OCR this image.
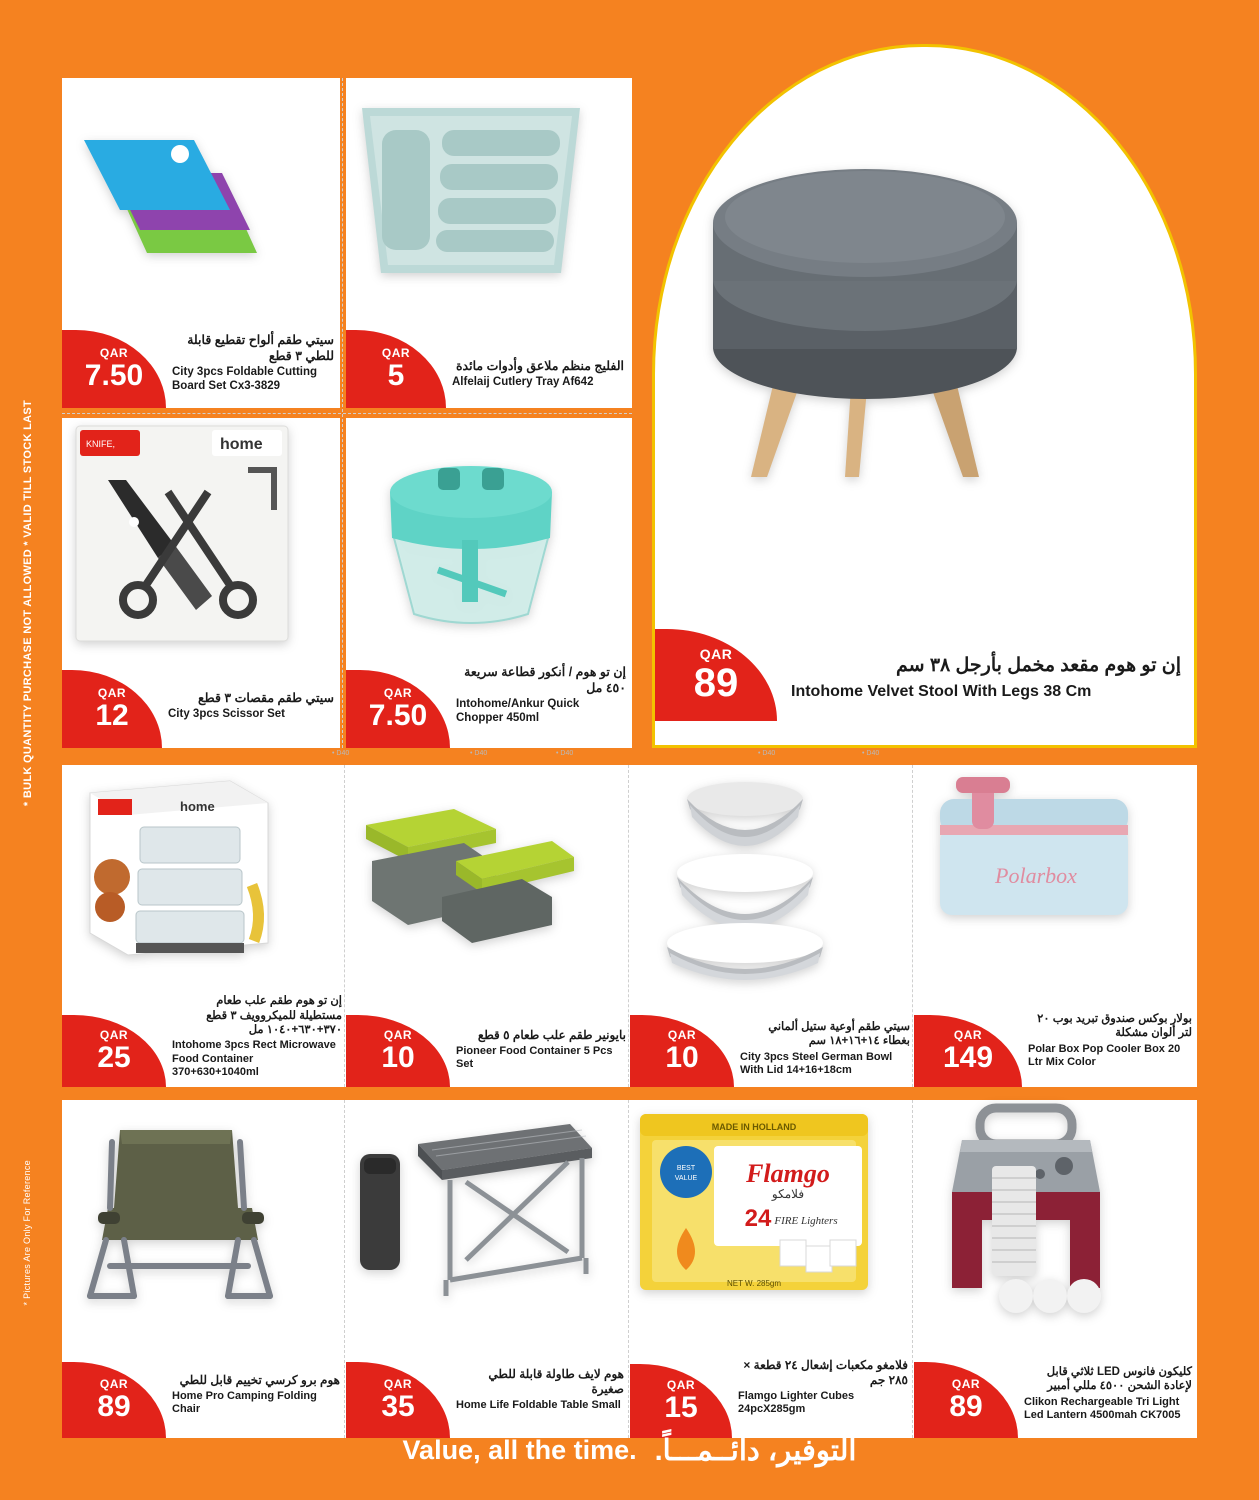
* BULK QUANTITY PURCHASE NOT ALLOWED * VALID TILL STOCK LAST
* Pictures Are Only For Reference
QAR
7.50
سيتي طقم ألواح تقطيع قابلة للطي ٣ قطع
City 3pcs Foldable Cutting Board Set Cx3-3829
QAR
5	الفليج منظم ملاعق وأدوات مائدة
Alfelaij Cutlery Tray Af642
KNIFE,	home
QAR
12
سيتي طقم مقصات ٣ قطع
City 3pcs Scissor Set
QAR
7.50
إن تو هوم / أنكور قطاعة سريعة ٤٥٠ مل
Intohome/Ankur Quick Chopper 450ml
QAR
89	إن تو هوم مقعد مخمل بأرجل ٣٨ سم
Intohome Velvet Stool With Legs 38 Cm
• D40	• D40	• D40	• D40	• D40
home
QAR
25
إن تو هوم طقم علب طعام مستطيلة للميكروويف ٣ قطع ٣٧٠+٦٣٠+١٠٤٠ مل
Intohome 3pcs Rect Microwave Food Container 370+630+1040ml
QAR
10
بايونير طقم علب طعام ٥ قطع
Pioneer Food Container 5 Pcs Set
QAR
10
سيتي طقم أوعية ستيل ألماني بغطاء ١٤+١٦+١٨ سم
City 3pcs Steel German Bowl With Lid 14+16+18cm
Polarbox
QAR
149
بولار بوكس صندوق تبريد بوب ٢٠ لتر ألوان مشكلة
Polar Box Pop Cooler Box 20 Ltr Mix Color
QAR
89
هوم برو كرسي تخييم قابل للطي
Home Pro Camping Folding Chair
QAR
35
هوم لايف طاولة قابلة للطي صغيرة
Home Life Foldable Table Small
MADE IN HOLLAND
Flamgo
فلامكو
24 FIRE Lighters
BEST
VALUE
NET W. 285gm
QAR
15
فلامغو مكعبات إشعال ٢٤ قطعة × ٢٨٥ جم
Flamgo Lighter Cubes 24pcX285gm
QAR
89
كليكون فانوس LED ثلاثي قابل لإعادة الشحن ٤٥٠٠ مللي أمبير
Clikon Rechargeable Tri Light Led Lantern 4500mah CK7005
Value, all the time. التوفير، دائــمـــاً.
